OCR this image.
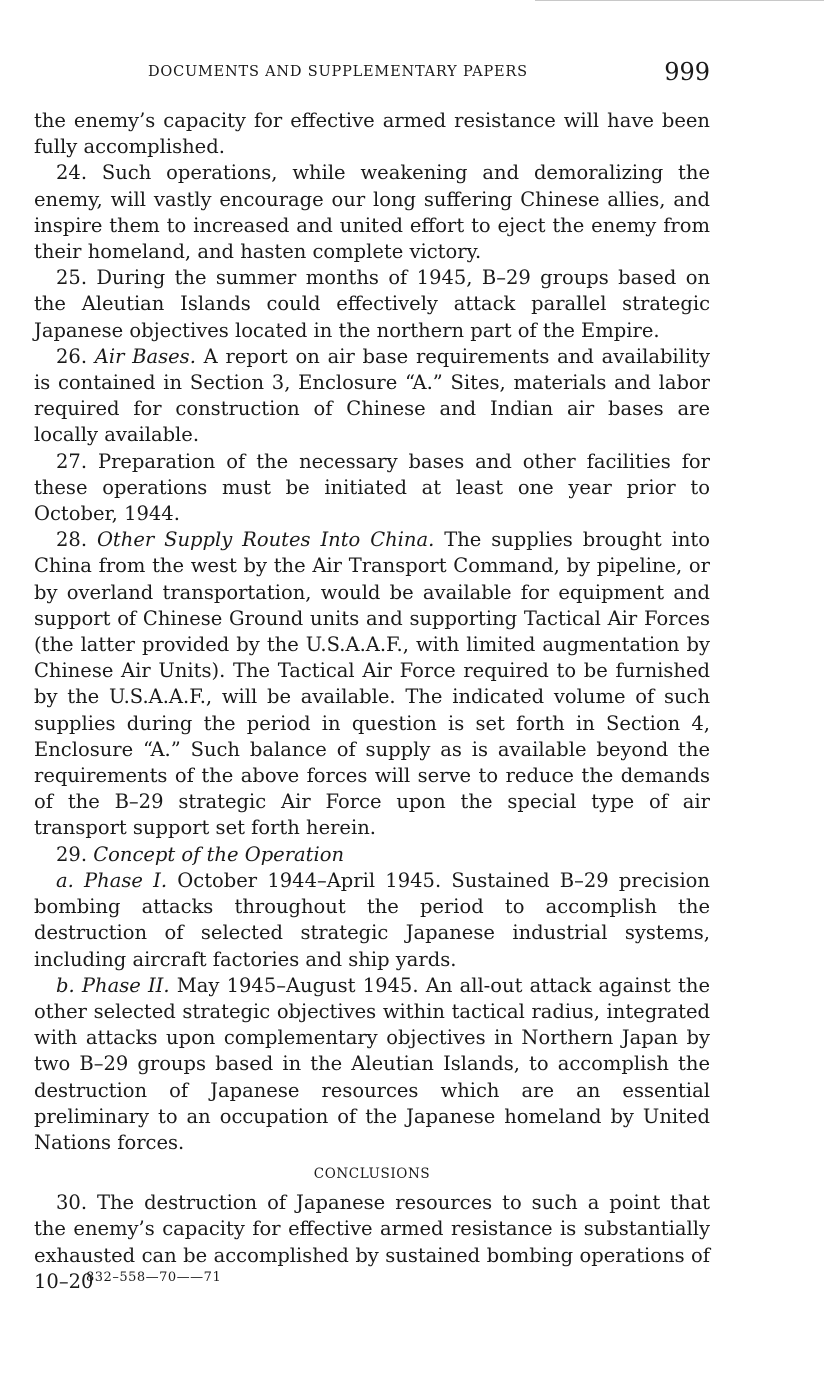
DOCUMENTS AND SUPPLEMENTARY PAPERS	999

the enemy’s capacity for effective armed resistance will have been fully accomplished.

24. Such operations, while weakening and demoralizing the enemy, will vastly encourage our long suffering Chinese allies, and inspire them to increased and united effort to eject the enemy from their homeland, and hasten complete victory.

25. During the summer months of 1945, B–29 groups based on the Aleutian Islands could effectively attack parallel strategic Japanese objectives located in the northern part of the Empire.

26. Air Bases. A report on air base requirements and availability is contained in Section 3, Enclosure “A.” Sites, materials and labor required for construction of Chinese and Indian air bases are locally available.

27. Preparation of the necessary bases and other facilities for these operations must be initiated at least one year prior to October, 1944.

28. Other Supply Routes Into China. The supplies brought into China from the west by the Air Transport Command, by pipeline, or by overland transportation, would be available for equipment and support of Chinese Ground units and supporting Tactical Air Forces (the latter provided by the U.S.A.A.F., with limited augmentation by Chinese Air Units). The Tactical Air Force required to be furnished by the U.S.A.A.F., will be available. The indicated volume of such supplies during the period in question is set forth in Section 4, Enclosure “A.” Such balance of supply as is available beyond the requirements of the above forces will serve to reduce the demands of the B–29 strategic Air Force upon the special type of air transport support set forth herein.

29. Concept of the Operation

a. Phase I. October 1944–April 1945. Sustained B–29 precision bombing attacks throughout the period to accomplish the destruction of selected strategic Japanese industrial systems, including aircraft factories and ship yards.

b. Phase II. May 1945–August 1945. An all-out attack against the other selected strategic objectives within tactical radius, integrated with attacks upon complementary objectives in Northern Japan by two B–29 groups based in the Aleutian Islands, to accomplish the destruction of Japanese resources which are an essential preliminary to an occupation of the Japanese homeland by United Nations forces.

CONCLUSIONS

30. The destruction of Japanese resources to such a point that the enemy’s capacity for effective armed resistance is substantially exhausted can be accomplished by sustained bombing operations of 10–20

832–558—70——71
